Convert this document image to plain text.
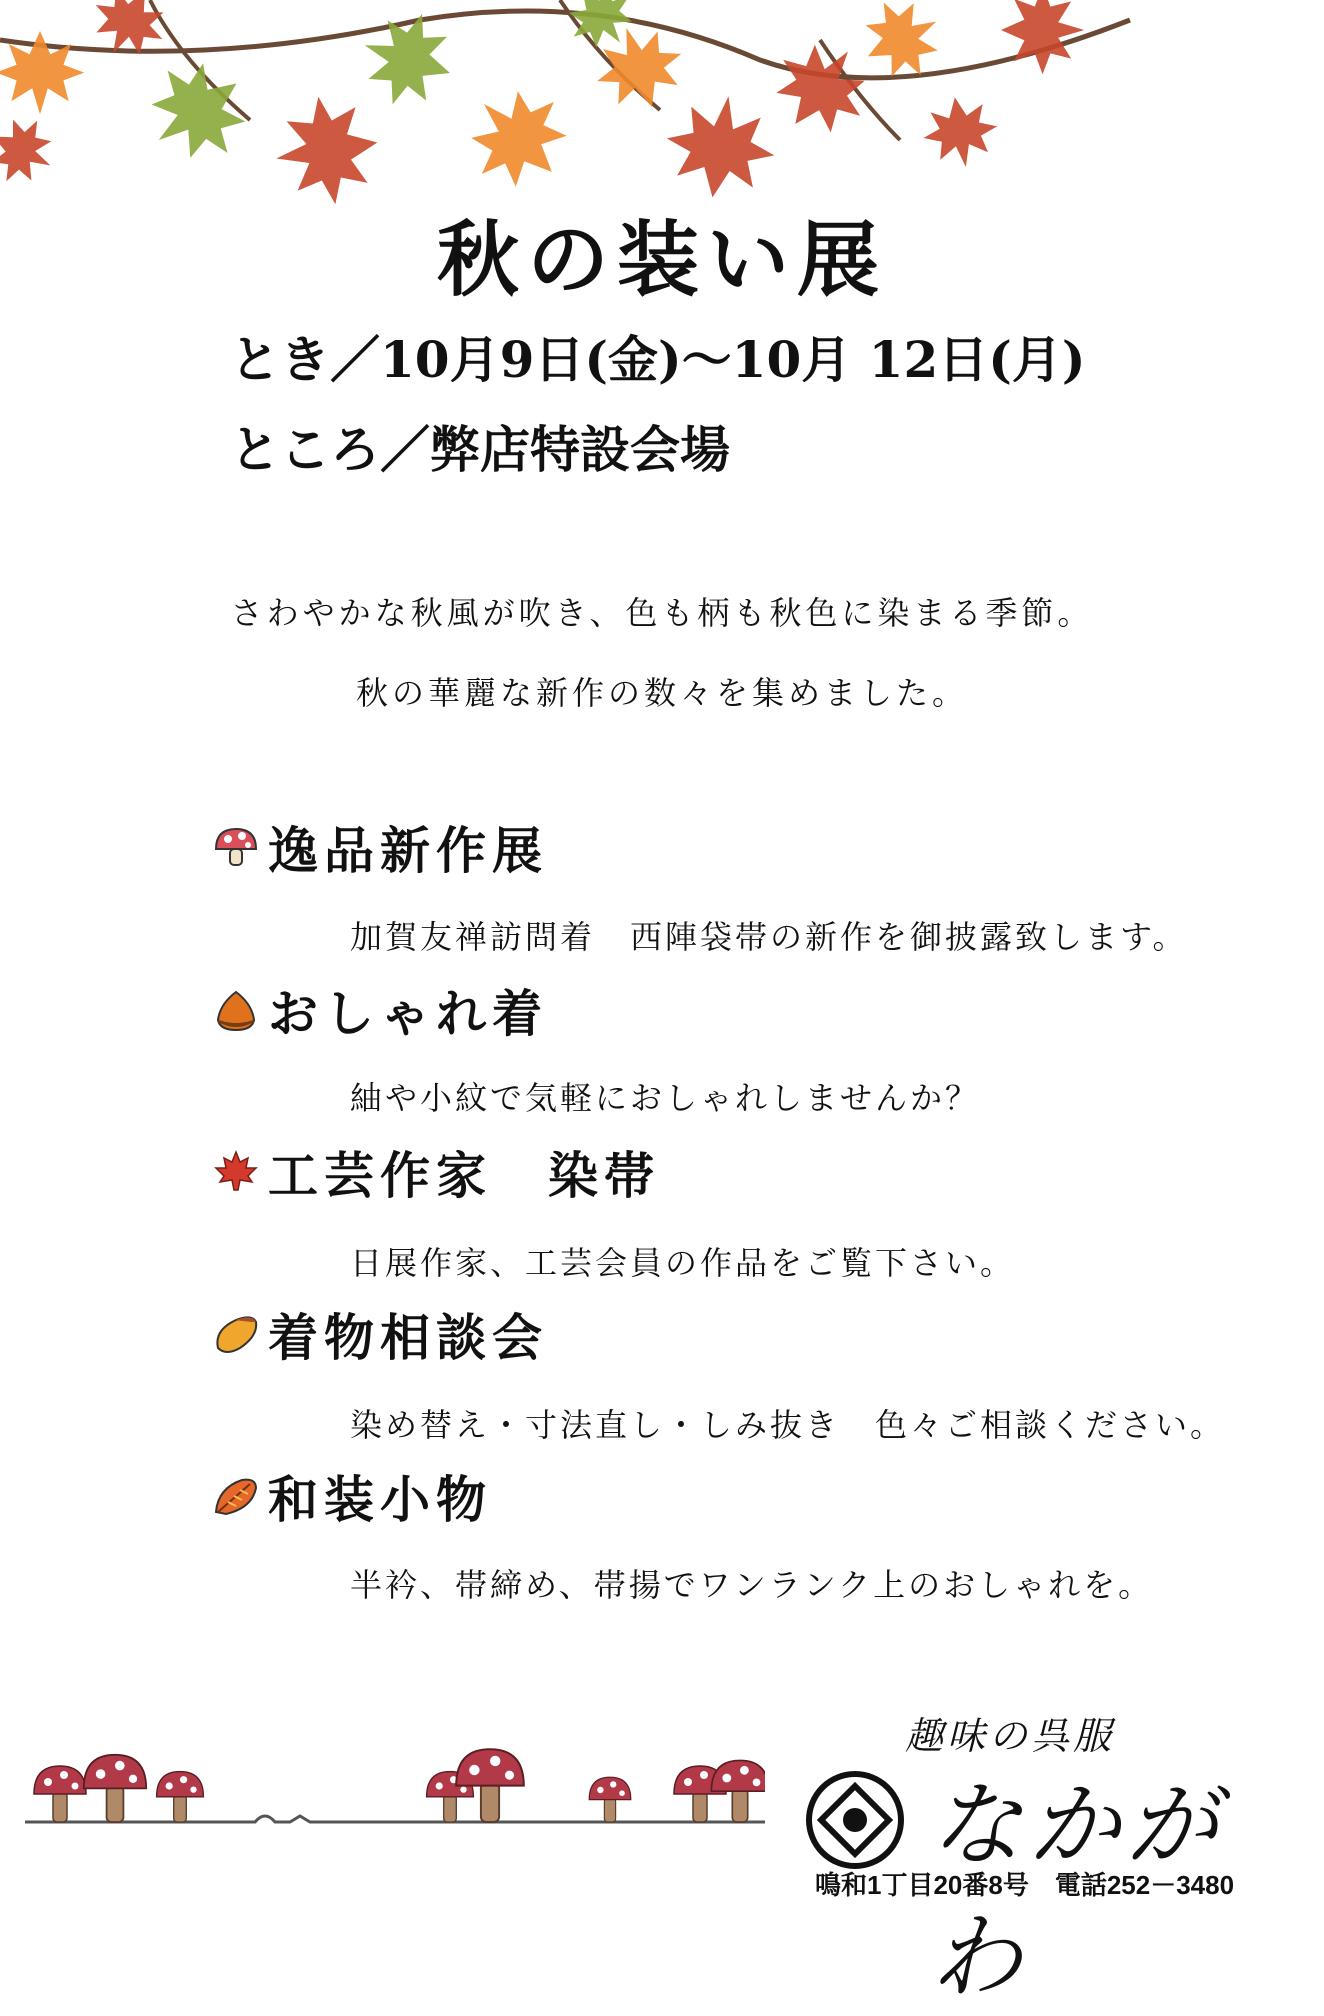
秋の装い展
とき／10月9日(金)～10月 12日(月)
ところ／弊店特設会場
さわやかな秋風が吹き、色も柄も秋色に染まる季節。
秋の華麗な新作の数々を集めました。
逸品新作展
加賀友禅訪問着　西陣袋帯の新作を御披露致します。
おしゃれ着
紬や小紋で気軽におしゃれしませんか？
工芸作家　染帯
日展作家、工芸会員の作品をご覧下さい。
着物相談会
染め替え・寸法直し・しみ抜き　色々ご相談ください。
和装小物
半衿、帯締め、帯揚でワンランク上のおしゃれを。
趣味の呉服
なかがわ
鳴和1丁目20番8号　電話252－3480
